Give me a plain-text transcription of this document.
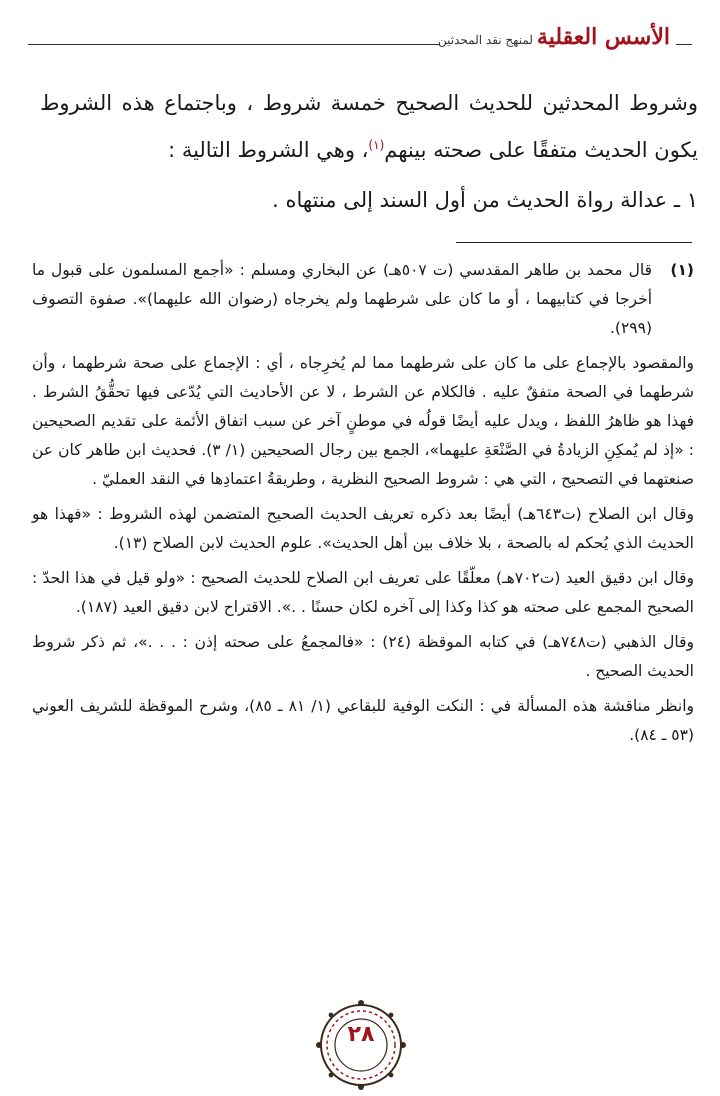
الأسس العقلية
لمنهج نقد المحدثين

وشروط المحدثين للحديث الصحيح خمسة شروط ، وباجتماع هذه الشروط يكون الحديث متفقًا على صحته بينهم$^{(١)}$، وهي الشروط التالية :

١ ـ عدالة رواة الحديث من أول السند إلى منتهاه .

(١)
قال محمد بن طاهر المقدسي (ت ٥٠٧هـ) عن البخاري ومسلم : «أجمع المسلمون على قبول ما أخرجا في كتابيهما ، أو ما كان على شرطهما ولم يخرجاه (رضوان الله عليهما)». صفوة التصوف (٢٩٩).

والمقصود بالإجماع على ما كان على شرطهما مما لم يُخرِجاه ، أي : الإجماع على صحة شرطهما ، وأن شرطهما في الصحة متفقٌ عليه . فالكلام عن الشرط ، لا عن الأحاديث التي يُدّعى فيها تحقُّقُ الشرط . فهذا هو ظاهرُ اللفظ ، ويدل عليه أيضًا قولُه في موطنٍ آخر عن سبب اتفاق الأئمة على تقديم الصحيحين : «إذ لم يُمكِنِ الزيادةُ في الصَّنْعَةِ عليهما»، الجمع بين رجال الصحيحين (١/ ٣). فحديث ابن طاهر كان عن صنعتهما في التصحيح ، التي هي : شروط الصحيح النظرية ، وطريقةُ اعتمادِها في النقد العمليّ .

وقال ابن الصلاح (ت٦٤٣هـ) أيضًا بعد ذكره تعريف الحديث الصحيح المتضمن لهذه الشروط : «فهذا هو الحديث الذي يُحكم له بالصحة ، بلا خلاف بين أهل الحديث». علوم الحديث لابن الصلاح (١٣).

وقال ابن دقيق العيد (ت٧٠٢هـ) معلّقًا على تعريف ابن الصلاح للحديث الصحيح : «ولو قيل في هذا الحدّ : الصحيح المجمع على صحته هو كذا وكذا إلى آخره لكان حسنًا . .». الاقتراح لابن دقيق العيد (١٨٧).

وقال الذهبي (ت٧٤٨هـ) في كتابه الموقظة (٢٤) : «فالمجمعُ على صحته إذن : . . .»، ثم ذكر شروط الحديث الصحيح .

وانظر مناقشة هذه المسألة في : النكت الوفية للبقاعي (١/ ٨١ ـ ٨٥)، وشرح الموقظة للشريف العوني (٥٣ ـ ٨٤).

٢٨
